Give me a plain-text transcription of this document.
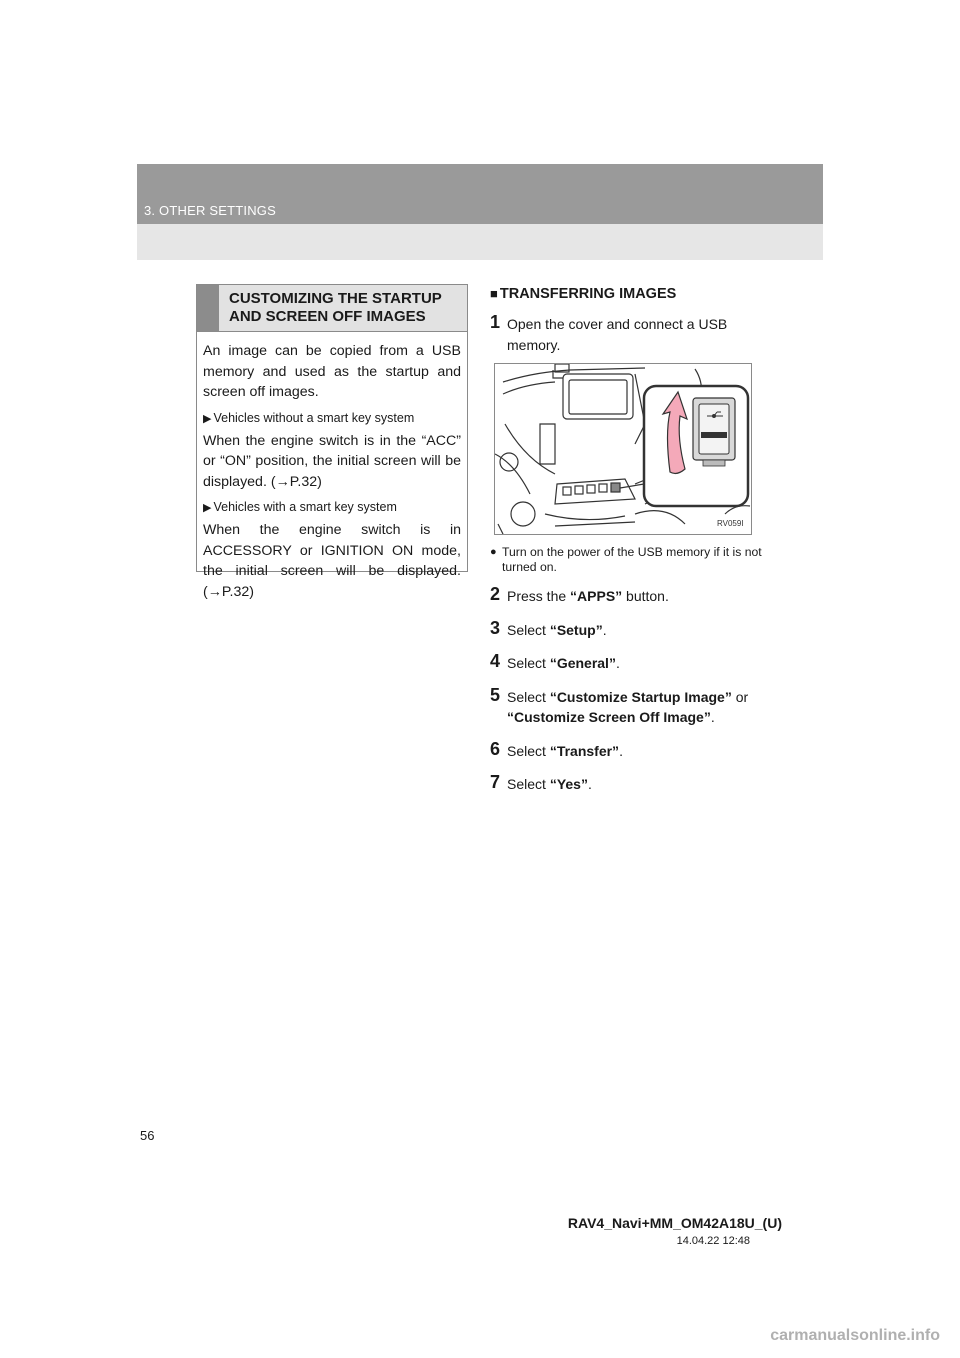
3. OTHER SETTINGS
CUSTOMIZING THE STARTUP
AND SCREEN OFF IMAGES

An image can be copied from a USB memory and used as the startup and screen off images.

▶ Vehicles without a smart key system

When the engine switch is in the “ACC” or “ON” position, the initial screen will be displayed. (→P.32)

▶ Vehicles with a smart key system

When the engine switch is in ACCESSORY or IGNITION ON mode, the initial screen will be displayed. (→P.32)

■ TRANSFERRING IMAGES
1 Open the cover and connect a USB memory.
RV059I
● Turn on the power of the USB memory if it is not turned on.
2 Press the “APPS” button.
3 Select “Setup”.
4 Select “General”.
5 Select “Customize Startup Image” or “Customize Screen Off Image”.
6 Select “Transfer”.
7 Select “Yes”.
56
RAV4_Navi+MM_OM42A18U_(U)
14.04.22 12:48
carmanualsonline.info
